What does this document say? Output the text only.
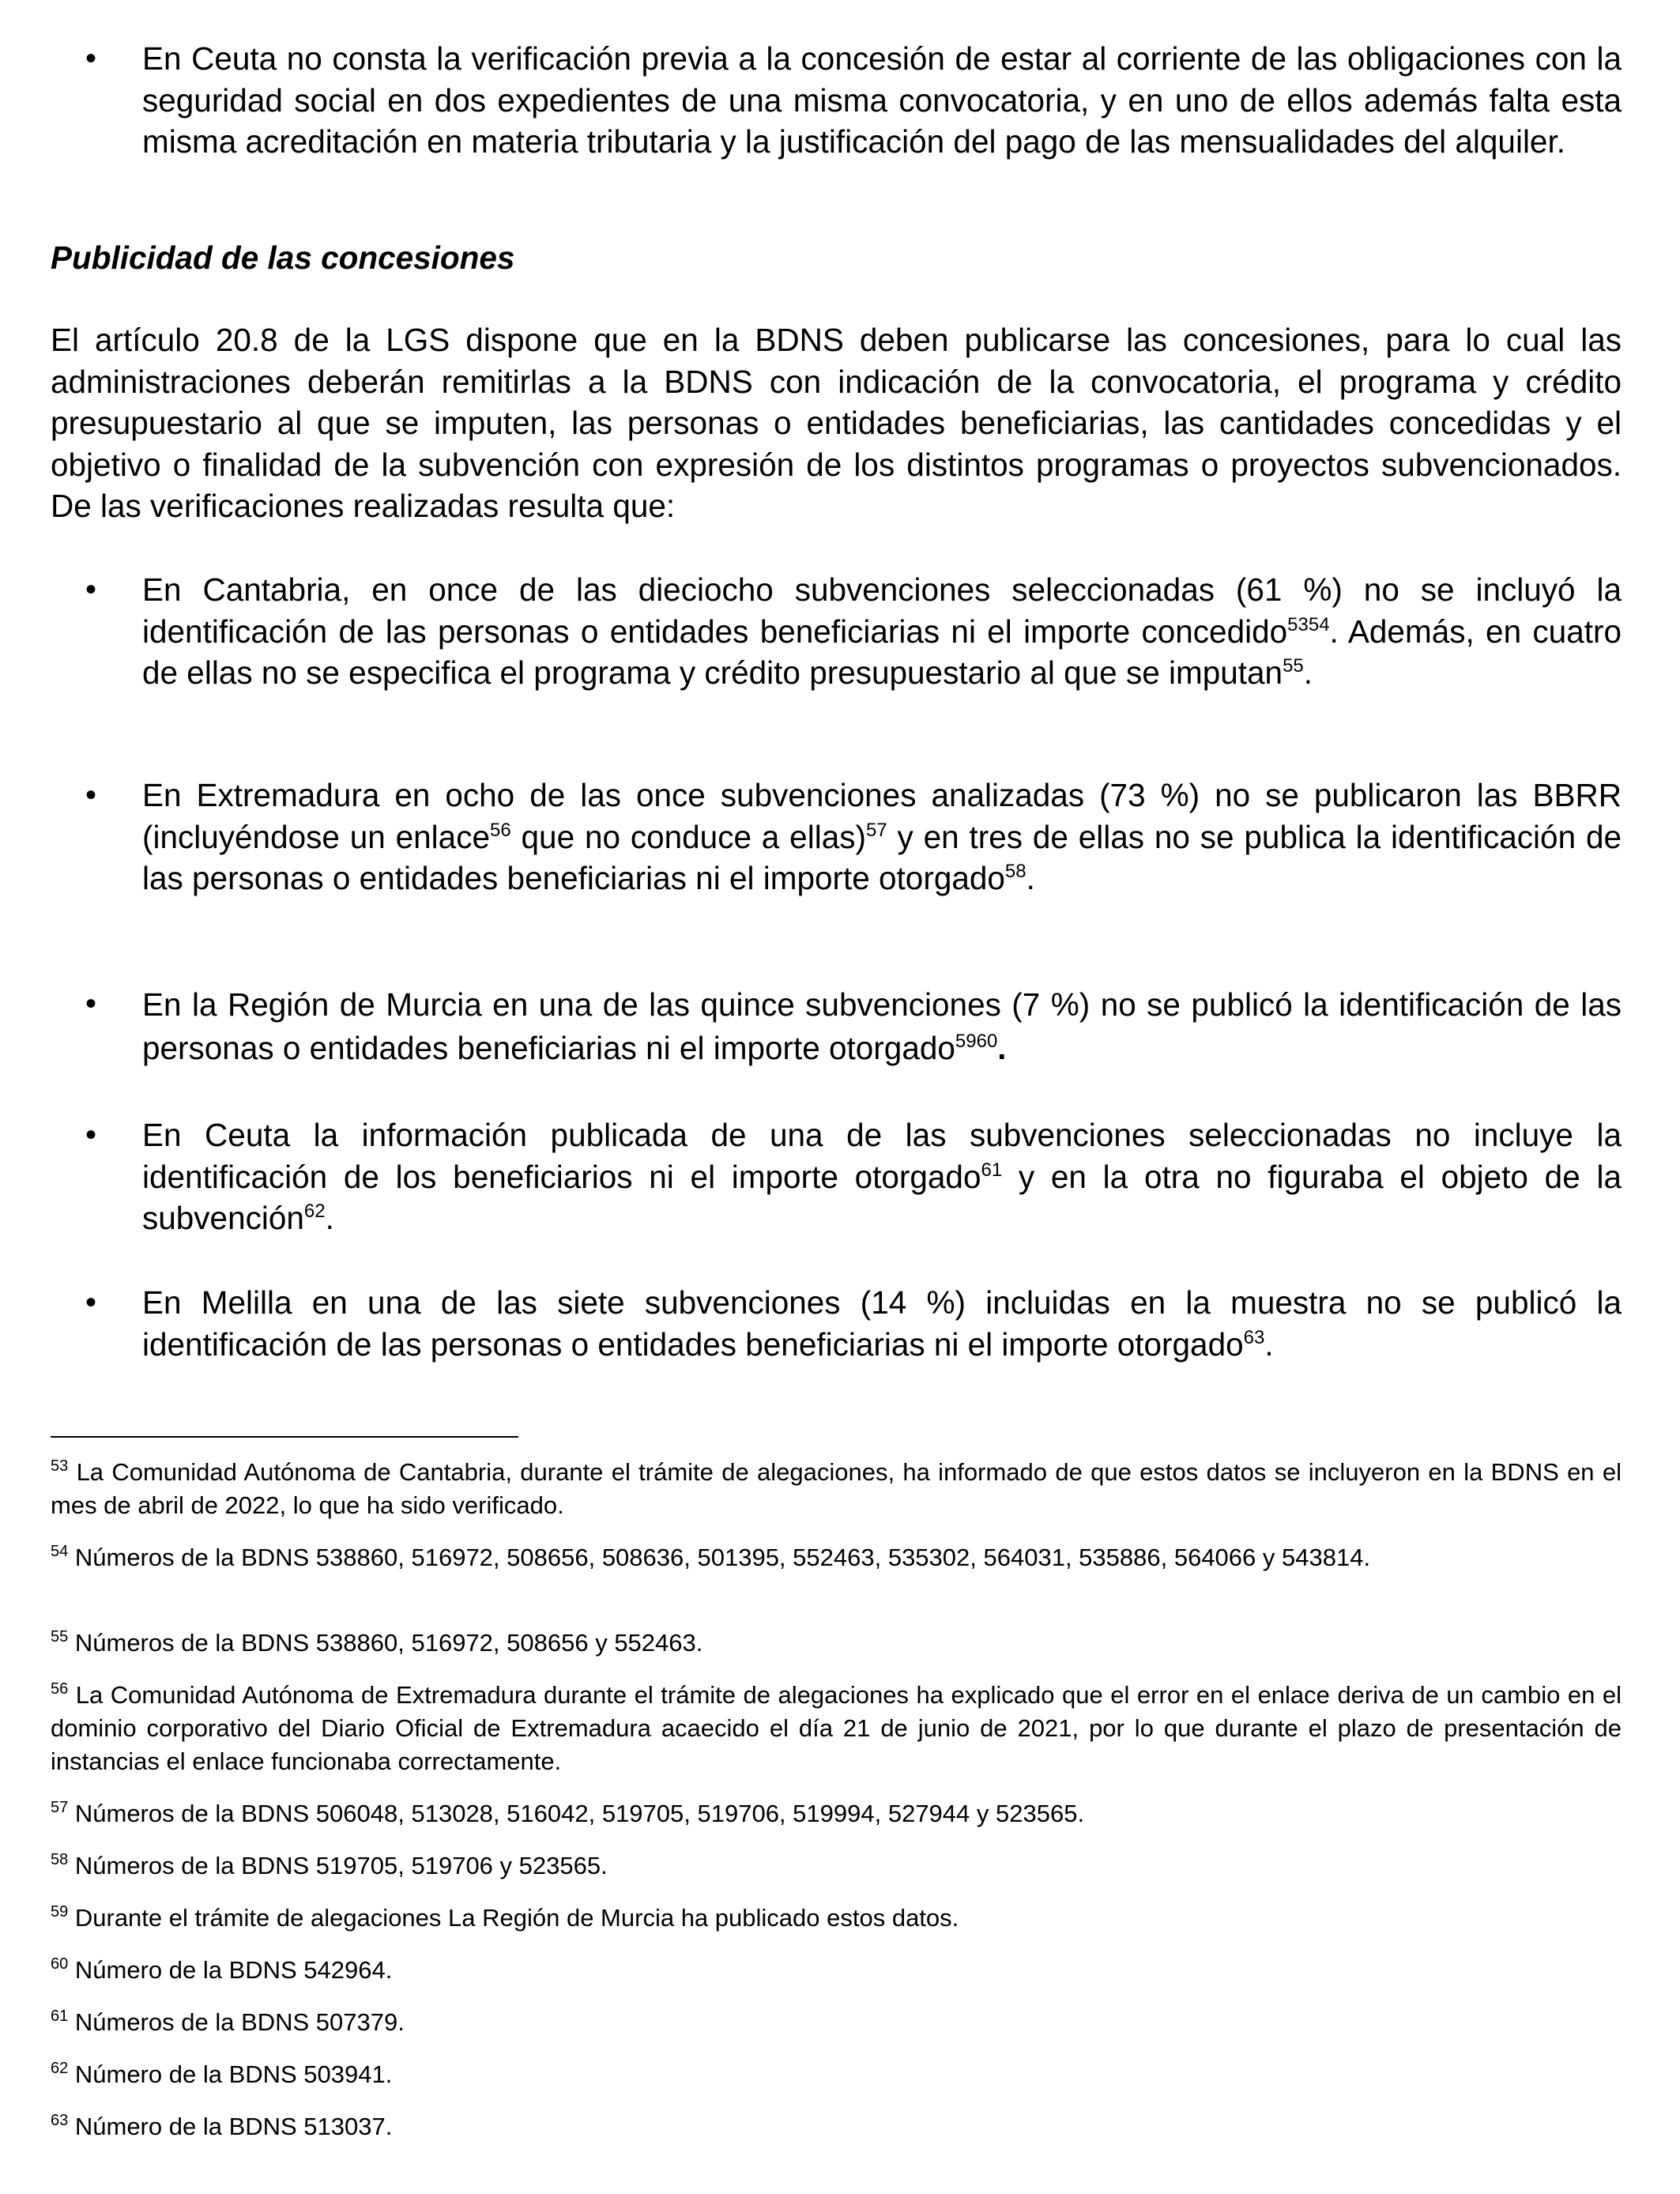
• En Ceuta no consta la verificación previa a la concesión de estar al corriente de las obligaciones con la seguridad social en dos expedientes de una misma convocatoria, y en uno de ellos además falta esta misma acreditación en materia tributaria y la justificación del pago de las mensualidades del alquiler.
Publicidad de las concesiones
El artículo 20.8 de la LGS dispone que en la BDNS deben publicarse las concesiones, para lo cual las administraciones deberán remitirlas a la BDNS con indicación de la convocatoria, el programa y crédito presupuestario al que se imputen, las personas o entidades beneficiarias, las cantidades concedidas y el objetivo o finalidad de la subvención con expresión de los distintos programas o proyectos subvencionados. De las verificaciones realizadas resulta que:
• En Cantabria, en once de las dieciocho subvenciones seleccionadas (61 %) no se incluyó la identificación de las personas o entidades beneficiarias ni el importe concedido$^{5354}$. Además, en cuatro de ellas no se especifica el programa y crédito presupuestario al que se imputan$^{55}$.
• En Extremadura en ocho de las once subvenciones analizadas (73 %) no se publicaron las BBRR (incluyéndose un enlace$^{56}$ que no conduce a ellas)$^{57}$ y en tres de ellas no se publica la identificación de las personas o entidades beneficiarias ni el importe otorgado$^{58}$.
• En la Región de Murcia en una de las quince subvenciones (7 %) no se publicó la identificación de las personas o entidades beneficiarias ni el importe otorgado$^{5960}$.
• En Ceuta la información publicada de una de las subvenciones seleccionadas no incluye la identificación de los beneficiarios ni el importe otorgado$^{61}$ y en la otra no figuraba el objeto de la subvención$^{62}$.
• En Melilla en una de las siete subvenciones (14 %) incluidas en la muestra no se publicó la identificación de las personas o entidades beneficiarias ni el importe otorgado$^{63}$.
$^{53}$ La Comunidad Autónoma de Cantabria, durante el trámite de alegaciones, ha informado de que estos datos se incluyeron en la BDNS en el mes de abril de 2022, lo que ha sido verificado.
$^{54}$ Números de la BDNS 538860, 516972, 508656, 508636, 501395, 552463, 535302, 564031, 535886, 564066 y 543814.
$^{55}$ Números de la BDNS 538860, 516972, 508656 y 552463.
$^{56}$ La Comunidad Autónoma de Extremadura durante el trámite de alegaciones ha explicado que el error en el enlace deriva de un cambio en el dominio corporativo del Diario Oficial de Extremadura acaecido el día 21 de junio de 2021, por lo que durante el plazo de presentación de instancias el enlace funcionaba correctamente.
$^{57}$ Números de la BDNS 506048, 513028, 516042, 519705, 519706, 519994, 527944 y 523565.
$^{58}$ Números de la BDNS 519705, 519706 y 523565.
$^{59}$ Durante el trámite de alegaciones La Región de Murcia ha publicado estos datos.
$^{60}$ Número de la BDNS 542964.
$^{61}$ Números de la BDNS 507379.
$^{62}$ Número de la BDNS 503941.
$^{63}$ Número de la BDNS 513037.
